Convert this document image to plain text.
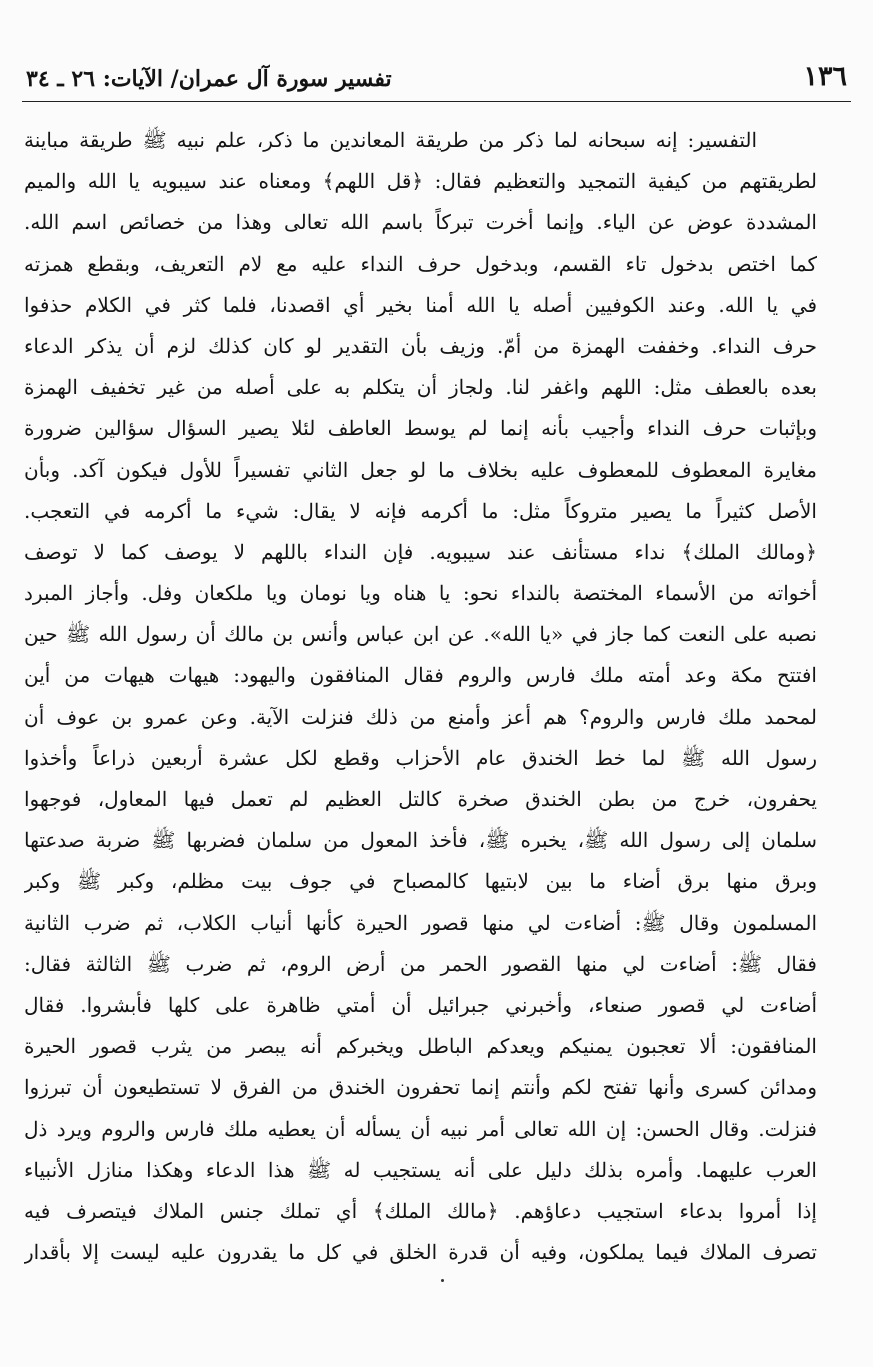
١٣٦
تفسير سورة آل عمران/ الآيات: ٢٦ ـ ٣٤
التفسير: إنه سبحانه لما ذكر من طريقة المعاندين ما ذكر، علم نبيه ﷺ طريقة مباينة
لطريقتهم من كيفية التمجيد والتعظيم فقال: ﴿قل اللهم﴾ ومعناه عند سيبويه يا الله والميم
المشددة عوض عن الياء. وإنما أخرت تبركاً باسم الله تعالى وهذا من خصائص اسم الله.
كما اختص بدخول تاء القسم، وبدخول حرف النداء عليه مع لام التعريف، وبقطع همزته
في يا الله. وعند الكوفيين أصله يا الله أمنا بخير أي اقصدنا، فلما كثر في الكلام حذفوا
حرف النداء. وخففت الهمزة من أمّ. وزيف بأن التقدير لو كان كذلك لزم أن يذكر الدعاء
بعده بالعطف مثل: اللهم واغفر لنا. ولجاز أن يتكلم به على أصله من غير تخفيف الهمزة
وبإثبات حرف النداء وأجيب بأنه إنما لم يوسط العاطف لئلا يصير السؤال سؤالين ضرورة
مغايرة المعطوف للمعطوف عليه بخلاف ما لو جعل الثاني تفسيراً للأول فيكون آكد. وبأن
الأصل كثيراً ما يصير متروكاً مثل: ما أكرمه فإنه لا يقال: شيء ما أكرمه في التعجب.
﴿ومالك الملك﴾ نداء مستأنف عند سيبويه. فإن النداء باللهم لا يوصف كما لا توصف
أخواته من الأسماء المختصة بالنداء نحو: يا هناه ويا نومان ويا ملكعان وفل. وأجاز المبرد
نصبه على النعت كما جاز في «يا الله». عن ابن عباس وأنس بن مالك أن رسول الله ﷺ حين
افتتح مكة وعد أمته ملك فارس والروم فقال المنافقون واليهود: هيهات هيهات من أين
لمحمد ملك فارس والروم؟ هم أعز وأمنع من ذلك فنزلت الآية. وعن عمرو بن عوف أن
رسول الله ﷺ لما خط الخندق عام الأحزاب وقطع لكل عشرة أربعين ذراعاً وأخذوا
يحفرون، خرج من بطن الخندق صخرة كالتل العظيم لم تعمل فيها المعاول، فوجهوا
سلمان إلى رسول الله ﷺ، يخبره ﷺ، فأخذ المعول من سلمان فضربها ﷺ ضربة صدعتها
وبرق منها برق أضاء ما بين لابتيها كالمصباح في جوف بيت مظلم، وكبر ﷺ وكبر
المسلمون وقال ﷺ: أضاءت لي منها قصور الحيرة كأنها أنياب الكلاب، ثم ضرب الثانية
فقال ﷺ: أضاءت لي منها القصور الحمر من أرض الروم، ثم ضرب ﷺ الثالثة فقال:
أضاءت لي قصور صنعاء، وأخبرني جبرائيل أن أمتي ظاهرة على كلها فأبشروا. فقال
المنافقون: ألا تعجبون يمنيكم ويعدكم الباطل ويخبركم أنه يبصر من يثرب قصور الحيرة
ومدائن كسرى وأنها تفتح لكم وأنتم إنما تحفرون الخندق من الفرق لا تستطيعون أن تبرزوا
فنزلت. وقال الحسن: إن الله تعالى أمر نبيه أن يسأله أن يعطيه ملك فارس والروم ويرد ذل
العرب عليهما. وأمره بذلك دليل على أنه يستجيب له ﷺ هذا الدعاء وهكذا منازل الأنبياء
إذا أمروا بدعاء استجيب دعاؤهم. ﴿مالك الملك﴾ أي تملك جنس الملاك فيتصرف فيه
تصرف الملاك فيما يملكون، وفيه أن قدرة الخلق في كل ما يقدرون عليه ليست إلا بأقدار
